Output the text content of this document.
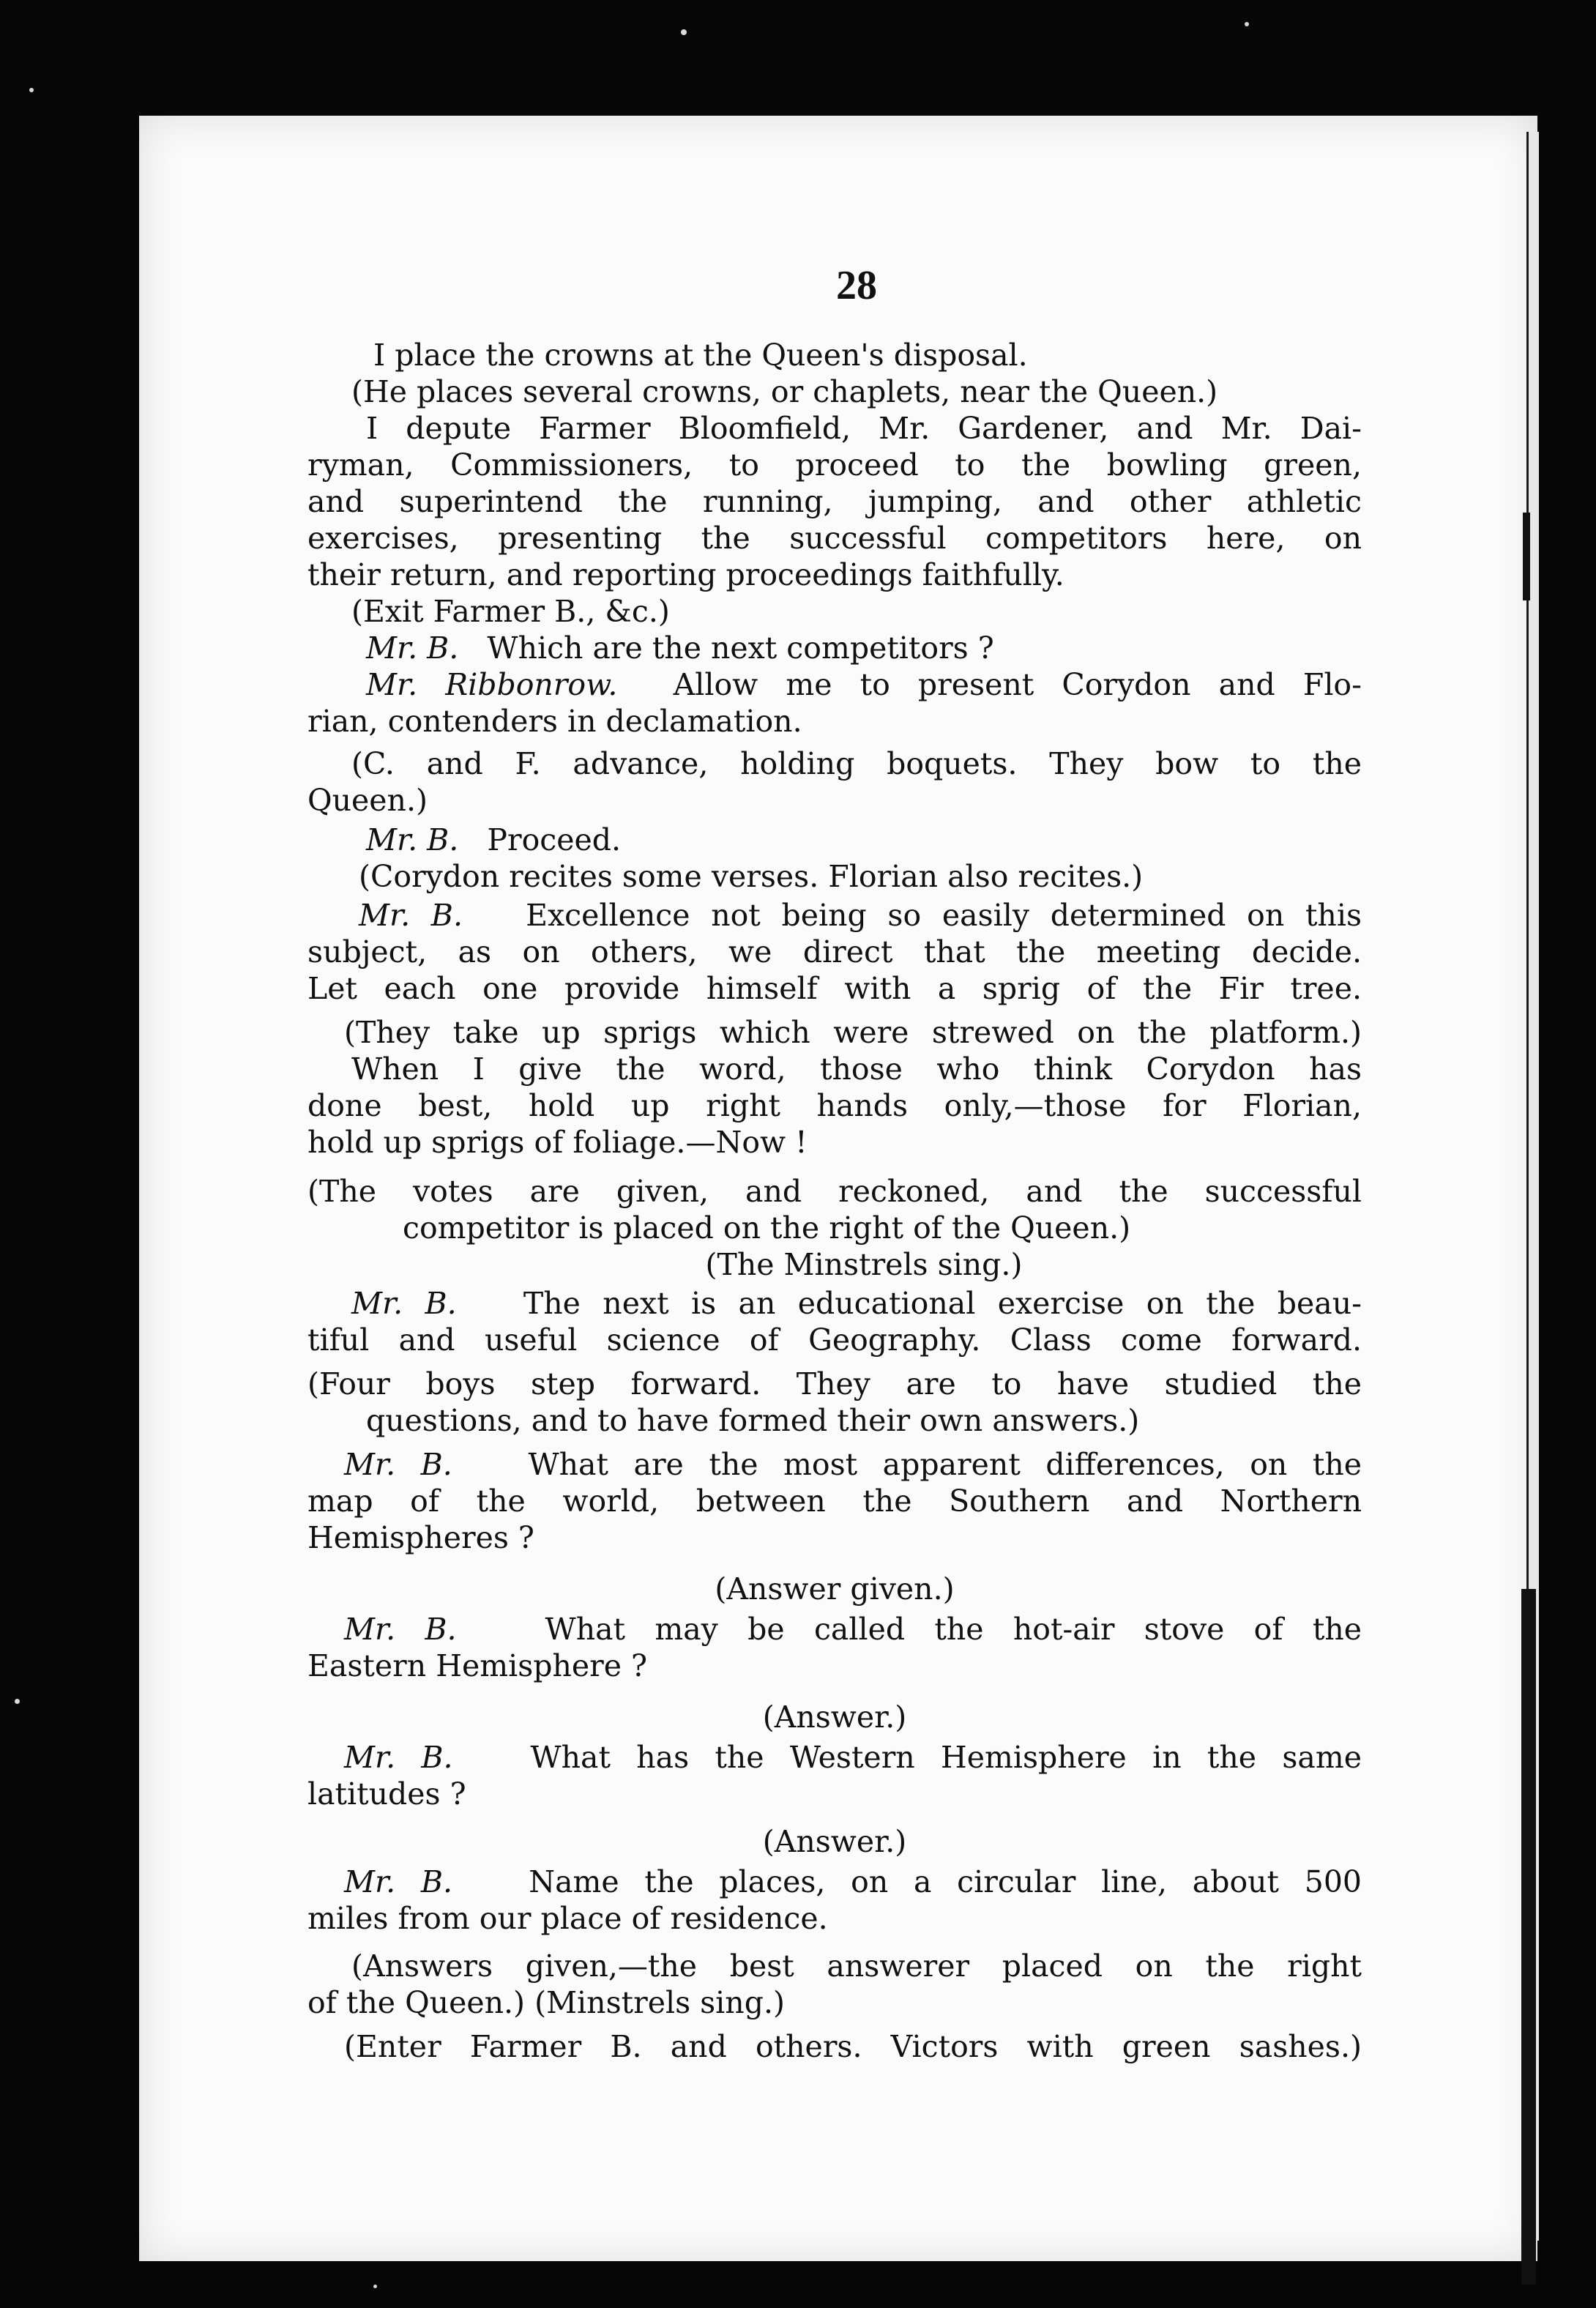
28
I place the crowns at the Queen's disposal.
(He places several crowns, or chaplets, near the Queen.)
I depute Farmer Bloomfield, Mr. Gardener, and Mr. Dai-
ryman, Commissioners, to proceed to the bowling green,
and superintend the running, jumping, and other athletic
exercises, presenting the successful competitors here, on
their return, and reporting proceedings faithfully.
(Exit Farmer B., &c.)
Mr. B. Which are the next competitors ?
Mr. Ribbonrow. Allow me to present Corydon and Flo-
rian, contenders in declamation.
(C. and F. advance, holding boquets. They bow to the
Queen.)
Mr. B. Proceed.
(Corydon recites some verses. Florian also recites.)
Mr. B. Excellence not being so easily determined on this
subject, as on others, we direct that the meeting decide.
Let each one provide himself with a sprig of the Fir tree.
(They take up sprigs which were strewed on the platform.)
When I give the word, those who think Corydon has
done best, hold up right hands only,—those for Florian,
hold up sprigs of foliage.—Now !
(The votes are given, and reckoned, and the successful
competitor is placed on the right of the Queen.)
(The Minstrels sing.)
Mr. B. The next is an educational exercise on the beau-
tiful and useful science of Geography. Class come forward.
(Four boys step forward. They are to have studied the
questions, and to have formed their own answers.)
Mr. B.	What are the most apparent differences, on the
map of the world, between the Southern and Northern
Hemispheres ?
(Answer given.)
Mr. B.	What may be called the hot-air stove of the
Eastern Hemisphere ?
(Answer.)
Mr. B.	What has the Western Hemisphere in the same
latitudes ?
(Answer.)
Mr. B.	Name the places, on a circular line, about 500
miles from our place of residence.
(Answers given,—the best answerer placed on the right
of the Queen.) (Minstrels sing.)
(Enter Farmer B. and others. Victors with green sashes.)
